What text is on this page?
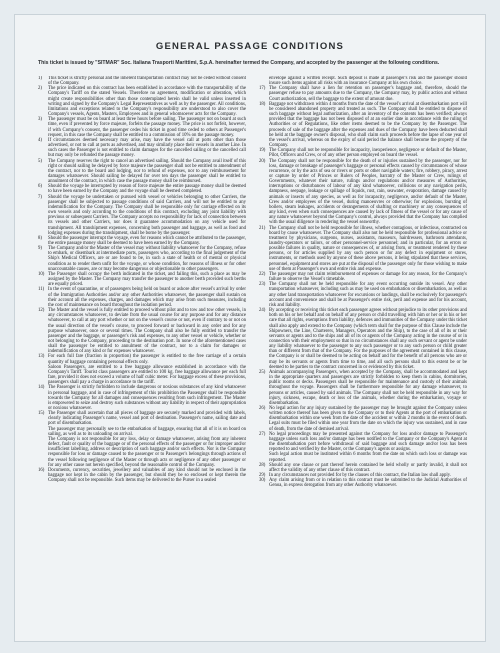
GENERAL PASSAGE CONDITIONS
This ticket is issued by "SITMAR" Soc. Italiana Trasporti Marittimi, S.p.A. hereinafter termed the Company, and accepted by the passenger at the following conditions.
1)	This ticket is strictly personal and the inherent transportation contract may not be ceded without consent of the Company.
2)	The price indicated on this contract has been established in accordance with the transportability of the Company's Tariff on the stated Vessels. Therefore no agreement, modification or alteration, which might create responsibilities other than those contemplated herein shall be valid unless inserted in writing and signed by the Company's Legal Representatives as well as by the passenger. All conditions, limitations and exceptions related to the Company's responsibility are understood to also cover the Company's vessels, Agents, Masters, Employees and in general whomsoever acts for the Company.
3)	The passenger must be on board at least three hours before sailing. The passenger not on board at such time, even if prevented by force majeure, forfeits the passage money. The price is not forfeit, however, if with Company's consent, the passenger cedes his ticket in good time ceded to others at Passenger's request, in this case the Company shall be entitled to a commission of 10% on the passage money.
4)	If circumstances deemed necessary may arise, may have the vessel call at ports other than those advertised, or not to call at ports as advertised, and may similarly place their vessels in another Line. In such cases the Passenger is not entitled to claim damages for the cancelled sailing or the cancelled call but may only be refunded the passage money.
5)	The Company reserves the right to cancel an advertised sailing. Should the Company avail itself of this right or should sailing be delayed by force majeure the passenger shall not be entitled to amendment of the contract, nor to the board and lodging, nor to refund of expenses, nor to any reimbursement for damages whatsoever. Should sailing be delayed for over ten days the passenger shall be entitled to annulment of the contract, in which case the passage money shall be reimbursed.
6)	Should the voyage be interrupted by reason of force majeure the entire passage money shall be deemed to have been earned by the Company and the voyage shall be deemed completed.
7)	Should the voyage be undertaken or pursued with vessel or vehicles belonging to other Carriers, the passenger shall be subjected to passage conditions of said Carriers, and will not be entitled to any indemnification for the Company. The Company shall be responsible only for carriage effected on its own vessels and only according to the conditions of this contract, excluding any joint liability with previous or subsequent Carriers. The Company accepts no responsibility for lack of connection between its vessels and other Carriers, nor does it guarantee accommodation on any vehicle used for transhipment. All transhipment expenses, concerning both passenger and baggage, as well as food and lodging expenses during the transhipment, shall be borne by the passenger.
8)	Should the passenger interrupt the voyage, even for reasons which cannot be attributed to the passenger, the entire passage money shall be deemed to have been earned by the Company.
9)	The Company and/or the Master of the vessel may without liability whatsoever for the Company, refuse to embark, or disembark at intermediate ports, passengers who, according to the final judgement of the Ship's Medical Officers, are or are found to be, in such a state of health or of mental or physical condition as to render them unfit for the voyage, or whose condition, for reasons of illness or for other unaccountable causes, are or may become dangerous or objectionable to other passengers.
10) The Passenger shall occupy the berth indicated in the ticket, and failing this, such a place as may be assigned by the Master. The Company may transfer the passenger to another berth provided such berths are equally priced.
11) In the event of quarantine, or of passengers being held on board or ashore after vessel's arrival by order of the Immigration Authorities and/or any other Authorities whatsoever, the passenger shall sustain on their account all the expenses, charges, and damages which may arise from such measures, including the cost of maintenance on board throughout the isolation period.
12) The Master and the vessel is fully entitled to proceed without pilot and to tow and tow other vessels, in any circumstances whatsoever, to deviate from the usual course for any purpose and for any distance whatsoever, to call at any port whether or not on the vessel's course or not, even if contrary to or not on the usual direction of the vessel's course, to proceed forward or backward in any order and for any purpose whatsoever, once or several times. The Company shall also be fully entitled to transfer the passenger and the baggage, or passenger's risk and expenses, to any other vessel or vehicle, whether or not belonging to the Company, proceeding to the destination port. In none of the aforementioned cases shall the passenger be entitled to annulment of the contract, nor to a claim for damages or indemnification of any kind or for expenses whatsoever.
13) For each full fare (fraction in proportion) the passenger is entitled to the free carriage of a certain quantity of baggage containing personal effects only.
Saloon Passengers, are entitled to a free baggage allowance established in accordance with the Company's Tariff. Tourist class passengers are entitled to 100 kg. free baggage allowance per each full fare, provided it does not exceed a volume of half cubic meter. For baggage excess of these provisions, passengers shall pay a charge in accordance to the tariff.
14) The Passenger is strictly forbidden to include dangerous or noxious substances of any kind whatsoever in personal baggage, and in case of infringement of this prohibition the Passenger shall be responsible towards the Company for all damages and consequences resulting from such infringement. The Master is empowered to seize and destroy such substances without any liability in respect of their appropriation or noxious whatsoever.
15) The Passenger shall ascertain that all pieces of baggage are securely marked and provided with labels, clearly indicating Passenger's name, vessel and port of destination. Passenger's name, sailing date and port of disembarkation.
The passenger may personally see to the embarkation of baggage, ensuring that all of it is on board on sailing, as well as to its unloading on arrival.
The Company is not responsible for any loss, delay or damage whatsoever, arising from any inherent defect, fault or quality of the baggage or of the personal effects of the passenger or for improper and/or insufficient labelling, address or description of such baggage and/or such effects. Nor is the Company responsible for loss or damage caused to the passenger or to Passenger's belongings through actions of the vessel following negligence of the Master or through acts or negligence of any other passenger or for any other cause not herein specified, beyond the reasonable control of the Company.
16) Documents, currency, securities, jewellery and valuables of any kind should not be enclosed in the baggage nor kept in the cabin by the passenger, but should they be so enclosed or kept therein the Company shall not be responsible. Such items may be delivered to the Purser in a sealed
envelope against a written receipt. Such deposit is made at passenger's risk and the passenger should insure such items against all risks with an insurance Company at his own choice.
17) The Company shall have a lien for retention on passenger's baggage and, therefore, should the passenger refuse to pay amounts due to the Company, the Company may, by public action and without Court authorization, sell the baggage to the extent of amount due.
18) Baggage not withdrawn within 4 months from the date of the vessel's arrival at disembarkation port will be considered abandoned property and treated as such. The Company shall be entitled to dispose of such baggage without legal authorization, after an inventory of the contents has been verified; always provided that the baggage has not been disposed of at an earlier date in accordance with the ruling of Authorities or of Regulations, like other items deemed to be the Company by the Passenger. The proceeds of sale of the baggage after the expenses and dues of the Company have been deducted shall be held at the baggage owner's disposal, who shall claim such proceeds before the lapse of one year of the vessel's arrival, whereas on the expiry of said period the balance shall become the property of the Company.
19) The Company shall not be responsible for incapacity, inexperience, negligence or default of the Master, Pilot, Officers and Crew, or of any other person employed on board the vessel.
20) The Company shall not be responsible for the death of or injuries sustained by the passenger, nor for loss, damage or breakage of passenger's baggage or personal effects caused by circumstances of whose recurrence, or by the acts of sea or rivers or ports or other navigable waters; fire, robbery, piracy, arrest or capture by order of Princes or Rulers of Peoples, barratry of the Master or Crew, rulings of Governments, whatever their nature, rulings and/or regulations and/or measures of Authorities, interruptions or disturbances of labour of any kind whatsoever, collisions or any navigation perils, dampness, seepage, leakage or spillage of liquids, rust, rain, seawater, evaporation, damage caused by animals or insects of any species, as well as for incapacity, negligence, and/or default of the Master, Crew and/or employees of the vessel, during manoeuvres or otherwise; for explosions, bursting of boilers, steam leakages, accidents or derangements of shafting or machinery or any consequences of any kind, even when such consequences are caused by lack of fitness of the vessel or for any cause of any nature whatsoever beyond the Company's control, always provided that the Company has complied with the usual diligence in rendering the vessel seaworthy.
21) The Company shall not be held responsible for illness, whether contagious, or infectious, contracted on board by cause whatsoever. The Company shall also not be held responsible for professional advice or treatment by physicians, surgeons, nurses, assistants, masseurs, hairdressers, bathroom attendants, laundry-operators or tailors, or other personnel-service personnel; and in particular, for an errors or possible failures in quality, nature or consequences of, or arising from, or treatment rendered by these persons, or for articles supplied by any such person or for any defect in equipment or stores, instruments, or methods used by anyone of these above persons, it being stipulated that these services, personnel, equipment and stores are put at the disposal of the passenger only for those wishing to make use of them at Passenger's own and entire risk and expense.
22) The passenger may not claim reimbursement of expenses or damage for any reason, for the Company's failure to observe the Vessel's timetable.
23) The Company shall not be held responsible for any event occurring outside its vessel. Any other transportation whatsoever, including such as may be used on embarkation or disembarkation, as well as any other land transportation whatsoever for excursions or landings, shall be exclusively for passenger's account and convenience and shall be at Passenger's entire risk, peril and expense and for his account, risk and liability.
24) By accepting or receiving this ticket each passenger agrees without prejudice to its other provisions and both on his or her behalf and on behalf of any person or child travelling with him or her or in his or her care that all rights, exemptions from liability, defences and immunities of the Company under this ticket shall also apply and extend to the Company (which term shall for the purpose of this Clause include the Shipowners, the Line, Charterers, Managers, Operators and the Ship), to the case of all of its or their servants or agents and to the ships and all of its or agents of the Company acting in the course of or in connection with their employment so that in no circumstances shall any such servant or agent be under any liability whatsoever to the passenger to any such passenger or to any such person or child greater than or different from that of the Company. For the purposes of the agreement contained in this clause, the Company is or shall be deemed to be acting on behalf and for the benefit of all persons who are or may be its servants or agents from time to time, and all such persons shall to this extent be or be deemed to be parties to the contract concerned in or evidenced by this ticket.
25) Animals accompanying Passengers, when accepted by the Company, shall be accommodated and kept in the appropriate quarters and passengers are strictly forbidden to keep them in cabins, dormitories, public rooms or decks. Passengers shall be responsible for maintenance and custody of their animals throughout the voyage. Passengers shall be furthermore responsible for any damage whatsoever, to persons or articles, caused by said animals. The Company shall not be held responsible in any way for injury, sickness, escape, death or loss of the animals, whether during the embarkation, voyage or disembarkation.
26) No legal action for any injury sustained by the passenger may be brought against the Company unless written notice thereof has been given to the Company or to their Agents at the port of embarkation or disembarkation within one week from the date of the accident or within 2 months in the event of death. Legal suits must be filed within one year from the date on which the injury was sustained, and in case of death, from the date of demised arrival.
27) No legal proceedings may be presented against the Company for loss and/or damage to Passenger's baggage unless such loss and/or damage has been notified to the Company or the Company's Agent at the disembarkation port before withdrawal of said baggage and such damage and/or loss has been reported to and verified by the Master, or the Company's agents or assigns.
Such legal action must be instituted within 6 months from the date on which such loss or damage was reported.
28) Should any one clause or part thereof herein contained be held wholly or partly invalid, it shall not affect the validity of any other clause of this contract.
29) In any circumstances not provided for by the clauses of this contract, the Italian law shall apply.
30) Any claim arising from or in relation to this contract must be submitted to the Judicial Authorities of Genoa, in express derogation from any other Authority whatsoever.
